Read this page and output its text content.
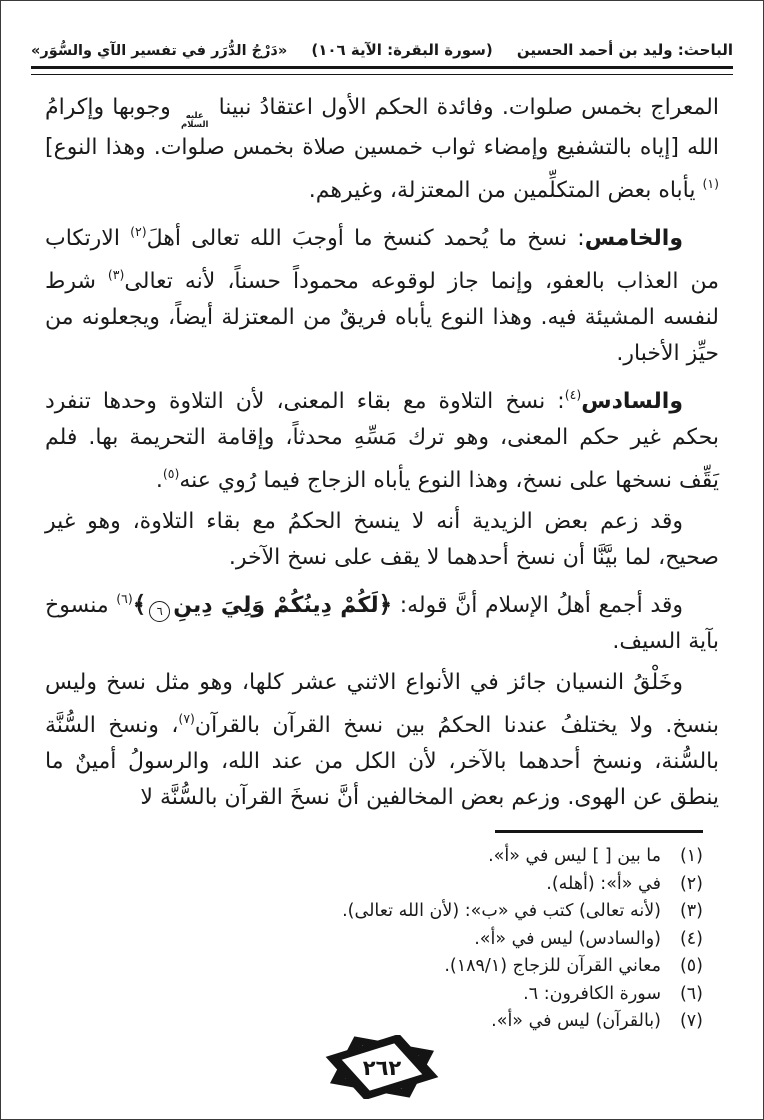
الباحث: وليد بن أحمد الحسين
(سورة البقرة: الآية ١٠٦)
«دَرْجُ الدُّرَر في تفسير الآي والسُّوَر»

المعراج بخمس صلوات. وفائدة الحكم الأول اعتقادُ نبينا
عليه
السلام
وجوبها وإكرامُ الله [إياه بالتشفيع وإمضاء ثواب خمسين صلاة بخمس صلوات. وهذا النوع]$^{(١)}$ يأباه بعض المتكلِّمين من المعتزلة، وغيرهم.

والخامس: نسخ ما يُحمد كنسخ ما أوجبَ الله تعالى أهلَ$^{(٢)}$ الارتكاب من العذاب بالعفو، وإنما جاز لوقوعه محموداً حسناً، لأنه تعالى$^{(٣)}$ شرط لنفسه المشيئة فيه. وهذا النوع يأباه فريقٌ من المعتزلة أيضاً، ويجعلونه من حيِّز الأخبار.

والسادس$^{(٤)}$: نسخ التلاوة مع بقاء المعنى، لأن التلاوة وحدها تنفرد بحكم غير حكم المعنى، وهو ترك مَسِّهِ محدثاً، وإقامة التحريمة بها. فلم يَقِّف نسخها على نسخ، وهذا النوع يأباه الزجاج فيما رُوي عنه$^{(٥)}$.

وقد زعم بعض الزيدية أنه لا ينسخ الحكمُ مع بقاء التلاوة، وهو غير صحيح، لما بيَّنَّا أن نسخ أحدهما لا يقف على نسخ الآخر.

وقد أجمع أهلُ الإسلام أنَّ قوله: ﴿لَكُمْ دِينُكُمْ وَلِيَ دِينِ٦﴾$^{(٦)}$ منسوخ بآية السيف.

وخَلْقُ النسيان جائز في الأنواع الاثني عشر كلها، وهو مثل نسخ وليس بنسخ. ولا يختلفُ عندنا الحكمُ بين نسخ القرآن بالقرآن$^{(٧)}$، ونسخ السُّنَّة بالسُّنة، ونسخ أحدهما بالآخر، لأن الكل من عند الله، والرسولُ أمينٌ ما ينطق عن الهوى. وزعم بعض المخالفين أنَّ نسخَ القرآن بالسُّنَّة لا

(١)
ما بين [ ] ليس في «أ».
(٢)
في «أ»: (أهله).
(٣)
(لأنه تعالى) كتب في «ب»: (لأن الله تعالى).
(٤)
(والسادس) ليس في «أ».
(٥)
معاني القرآن للزجاج (١٨٩/١).
(٦)
سورة الكافرون: ٦.
(٧)
(بالقرآن) ليس في «أ».
٢٦٢
